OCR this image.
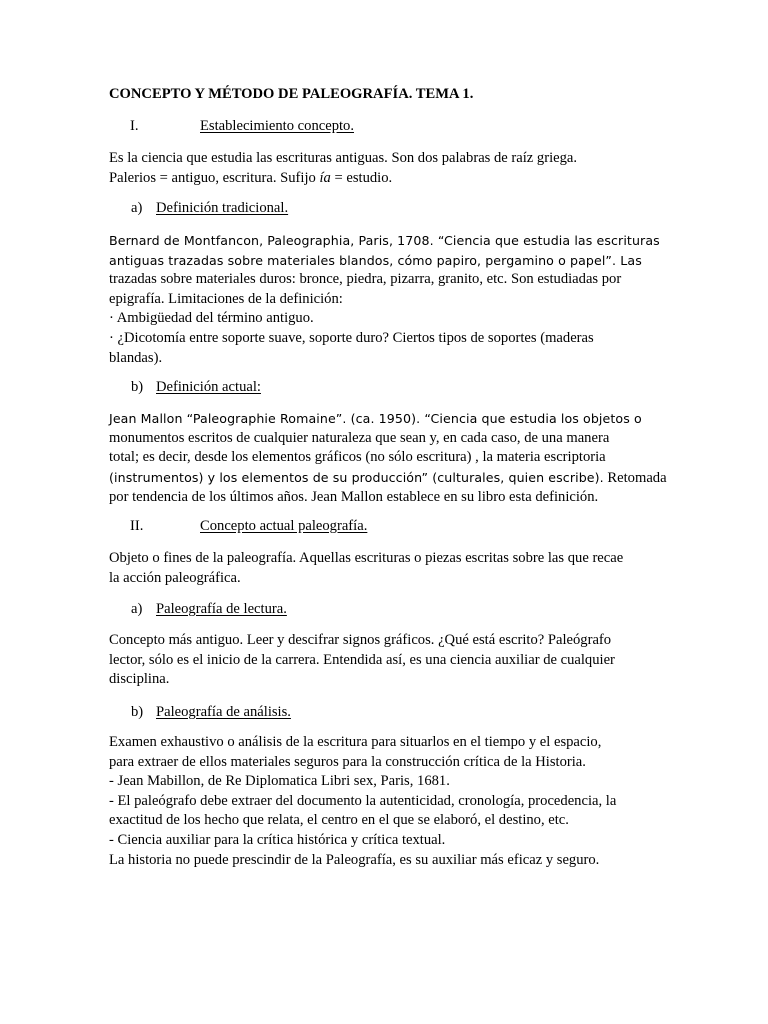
CONCEPTO Y MÉTODO DE PALEOGRAFÍA. TEMA 1.
I.	Establecimiento concepto.

Es la ciencia que estudia las escrituras antiguas. Son dos palabras de raíz griega.
Palerios = antiguo, escritura. Sufijo ía = estudio.

a) Definición tradicional.

Bernard de Montfancon, Paleographia, Paris, 1708. “Ciencia que estudia las escrituras
antiguas trazadas sobre materiales blandos, cómo papiro, pergamino o papel”. Las
trazadas sobre materiales duros: bronce, piedra, pizarra, granito, etc. Son estudiadas por
epigrafía. Limitaciones de la definición:
· Ambigüedad del término antiguo.
· ¿Dicotomía entre soporte suave, soporte duro? Ciertos tipos de soportes (maderas
blandas).

b) Definición actual:

Jean Mallon “Paleographie Romaine”. (ca. 1950). “Ciencia que estudia los objetos o
monumentos escritos de cualquier naturaleza que sean y, en cada caso, de una manera
total; es decir, desde los elementos gráficos (no sólo escritura) , la materia escriptoria
(instrumentos) y los elementos de su producción” (culturales, quien escribe). Retomada
por tendencia de los últimos años. Jean Mallon establece en su libro esta definición.

II.	Concepto actual paleografía.

Objeto o fines de la paleografía. Aquellas escrituras o piezas escritas sobre las que recae
la acción paleográfica.

a) Paleografía de lectura.

Concepto más antiguo. Leer y descifrar signos gráficos. ¿Qué está escrito? Paleógrafo
lector, sólo es el inicio de la carrera. Entendida así, es una ciencia auxiliar de cualquier
disciplina.

b) Paleografía de análisis.

Examen exhaustivo o análisis de la escritura para situarlos en el tiempo y el espacio,
para extraer de ellos materiales seguros para la construcción crítica de la Historia.
- Jean Mabillon, de Re Diplomatica Libri sex, Paris, 1681.
- El paleógrafo debe extraer del documento la autenticidad, cronología, procedencia, la
exactitud de los hecho que relata, el centro en el que se elaboró, el destino, etc.
- Ciencia auxiliar para la crítica histórica y crítica textual.
La historia no puede prescindir de la Paleografía, es su auxiliar más eficaz y seguro.
